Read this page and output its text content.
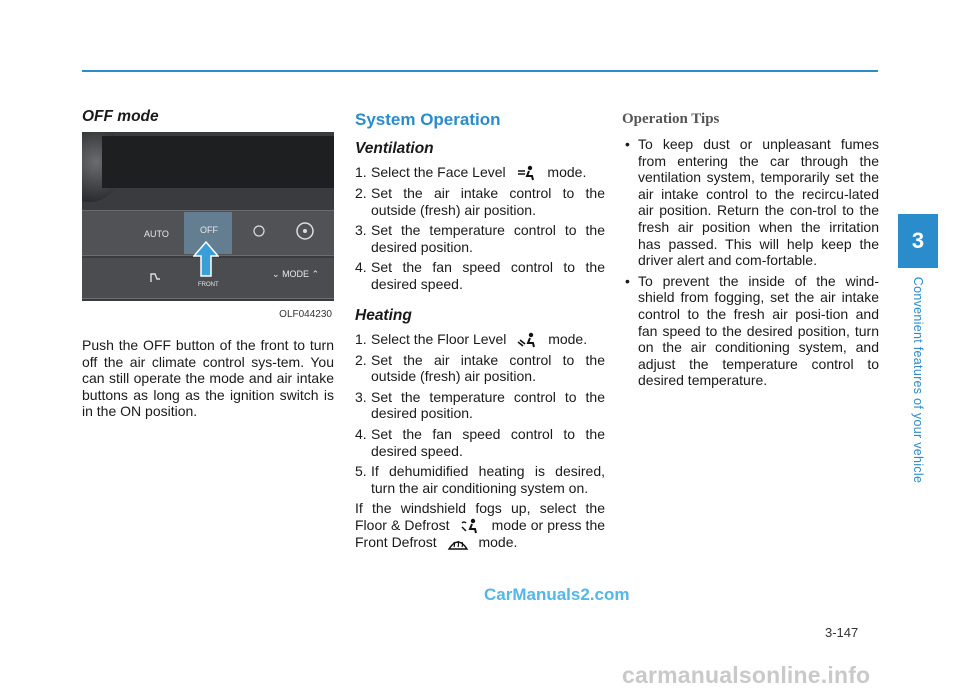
OFF mode
AUTO	OFF
FRONT
⌄ MODE ⌃
OLF044230

Push the OFF button of the front to turn off the air climate control sys-tem. You can still operate the mode and air intake buttons as long as the ignition switch is in the ON position.

System Operation
Ventilation
1. Select the Face Level	mode.
2. Set the air intake control to the outside (fresh) air position.
3. Set the temperature control to the desired position.
4. Set the fan speed control to the desired speed.
Heating
1. Select the Floor Level	mode.
2. Set the air intake control to the outside (fresh) air position.
3. Set the temperature control to the desired position.
4. Set the fan speed control to the desired speed.
5. If dehumidified heating is desired, turn the air conditioning system on.

If the windshield fogs up, select the Floor & Defrost	mode or press the Front Defrost	mode.

Operation Tips
• To keep dust or unpleasant fumes from entering the car through the ventilation system, temporarily set the air intake control to the recircu-lated air position. Return the con-trol to the fresh air position when the irritation has passed. This will help keep the driver alert and com-fortable.
• To prevent the inside of the wind-shield from fogging, set the air intake control to the fresh air posi-tion and fan speed to the desired position, turn on the air conditioning system, and adjust the temperature control to desired temperature.
3
Convenient features of your vehicle
3-147
CarManuals2.com
carmanualsonline.info
